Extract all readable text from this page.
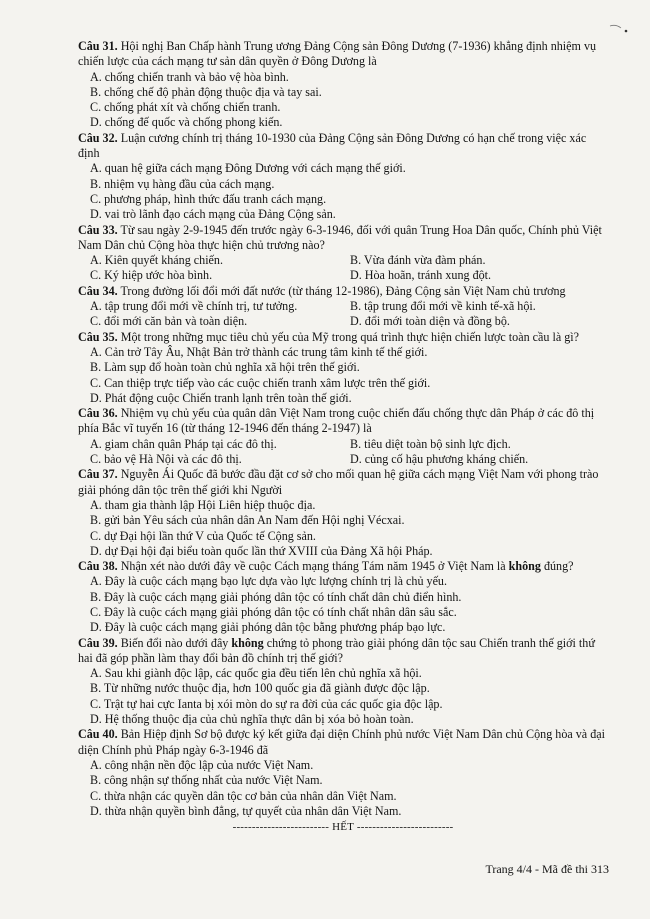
Câu 31. Hội nghị Ban Chấp hành Trung ương Đảng Cộng sản Đông Dương (7-1936) khẳng định nhiệm vụ chiến lược của cách mạng tư sản dân quyền ở Đông Dương là

A. chống chiến tranh và bảo vệ hòa bình.

B. chống chế độ phản động thuộc địa và tay sai.

C. chống phát xít và chống chiến tranh.

D. chống đế quốc và chống phong kiến.

Câu 32. Luận cương chính trị tháng 10-1930 của Đảng Cộng sản Đông Dương có hạn chế trong việc xác định

A. quan hệ giữa cách mạng Đông Dương với cách mạng thế giới.

B. nhiệm vụ hàng đầu của cách mạng.

C. phương pháp, hình thức đấu tranh cách mạng.

D. vai trò lãnh đạo cách mạng của Đảng Cộng sản.

Câu 33. Từ sau ngày 2-9-1945 đến trước ngày 6-3-1946, đối với quân Trung Hoa Dân quốc, Chính phủ Việt Nam Dân chủ Cộng hòa thực hiện chủ trương nào?

A. Kiên quyết kháng chiến.	B. Vừa đánh vừa đàm phán.
C. Ký hiệp ước hòa bình.	D. Hòa hoãn, tránh xung đột.

Câu 34. Trong đường lối đổi mới đất nước (từ tháng 12-1986), Đảng Cộng sản Việt Nam chủ trương

A. tập trung đổi mới về chính trị, tư tưởng.	B. tập trung đổi mới về kinh tế-xã hội.
C. đổi mới căn bản và toàn diện.	D. đổi mới toàn diện và đồng bộ.

Câu 35. Một trong những mục tiêu chủ yếu của Mỹ trong quá trình thực hiện chiến lược toàn cầu là gì?

A. Cản trở Tây Âu, Nhật Bản trở thành các trung tâm kinh tế thế giới.

B. Làm sụp đổ hoàn toàn chủ nghĩa xã hội trên thế giới.

C. Can thiệp trực tiếp vào các cuộc chiến tranh xâm lược trên thế giới.

D. Phát động cuộc Chiến tranh lạnh trên toàn thế giới.

Câu 36. Nhiệm vụ chủ yếu của quân dân Việt Nam trong cuộc chiến đấu chống thực dân Pháp ở các đô thị phía Bắc vĩ tuyến 16 (từ tháng 12-1946 đến tháng 2-1947) là

A. giam chân quân Pháp tại các đô thị.	B. tiêu diệt toàn bộ sinh lực địch.
C. bảo vệ Hà Nội và các đô thị.	D. củng cố hậu phương kháng chiến.

Câu 37. Nguyễn Ái Quốc đã bước đầu đặt cơ sở cho mối quan hệ giữa cách mạng Việt Nam với phong trào giải phóng dân tộc trên thế giới khi Người

A. tham gia thành lập Hội Liên hiệp thuộc địa.

B. gửi bản Yêu sách của nhân dân An Nam đến Hội nghị Vécxai.

C. dự Đại hội lần thứ V của Quốc tế Cộng sản.

D. dự Đại hội đại biểu toàn quốc lần thứ XVIII của Đảng Xã hội Pháp.

Câu 38. Nhận xét nào dưới đây về cuộc Cách mạng tháng Tám năm 1945 ở Việt Nam là không đúng?

A. Đây là cuộc cách mạng bạo lực dựa vào lực lượng chính trị là chủ yếu.

B. Đây là cuộc cách mạng giải phóng dân tộc có tính chất dân chủ điển hình.

C. Đây là cuộc cách mạng giải phóng dân tộc có tính chất nhân dân sâu sắc.

D. Đây là cuộc cách mạng giải phóng dân tộc bằng phương pháp bạo lực.

Câu 39. Biến đổi nào dưới đây không chứng tỏ phong trào giải phóng dân tộc sau Chiến tranh thế giới thứ hai đã góp phần làm thay đổi bản đồ chính trị thế giới?

A. Sau khi giành độc lập, các quốc gia đều tiến lên chủ nghĩa xã hội.

B. Từ những nước thuộc địa, hơn 100 quốc gia đã giành được độc lập.

C. Trật tự hai cực Ianta bị xói mòn do sự ra đời của các quốc gia độc lập.

D. Hệ thống thuộc địa của chủ nghĩa thực dân bị xóa bỏ hoàn toàn.

Câu 40. Bản Hiệp định Sơ bộ được ký kết giữa đại diện Chính phủ nước Việt Nam Dân chủ Cộng hòa và đại diện Chính phủ Pháp ngày 6-3-1946 đã

A. công nhận nền độc lập của nước Việt Nam.

B. công nhận sự thống nhất của nước Việt Nam.

C. thừa nhận các quyền dân tộc cơ bản của nhân dân Việt Nam.

D. thừa nhận quyền bình đẳng, tự quyết của nhân dân Việt Nam.

------------------------- HẾT -------------------------
Trang 4/4 - Mã đề thi 313
